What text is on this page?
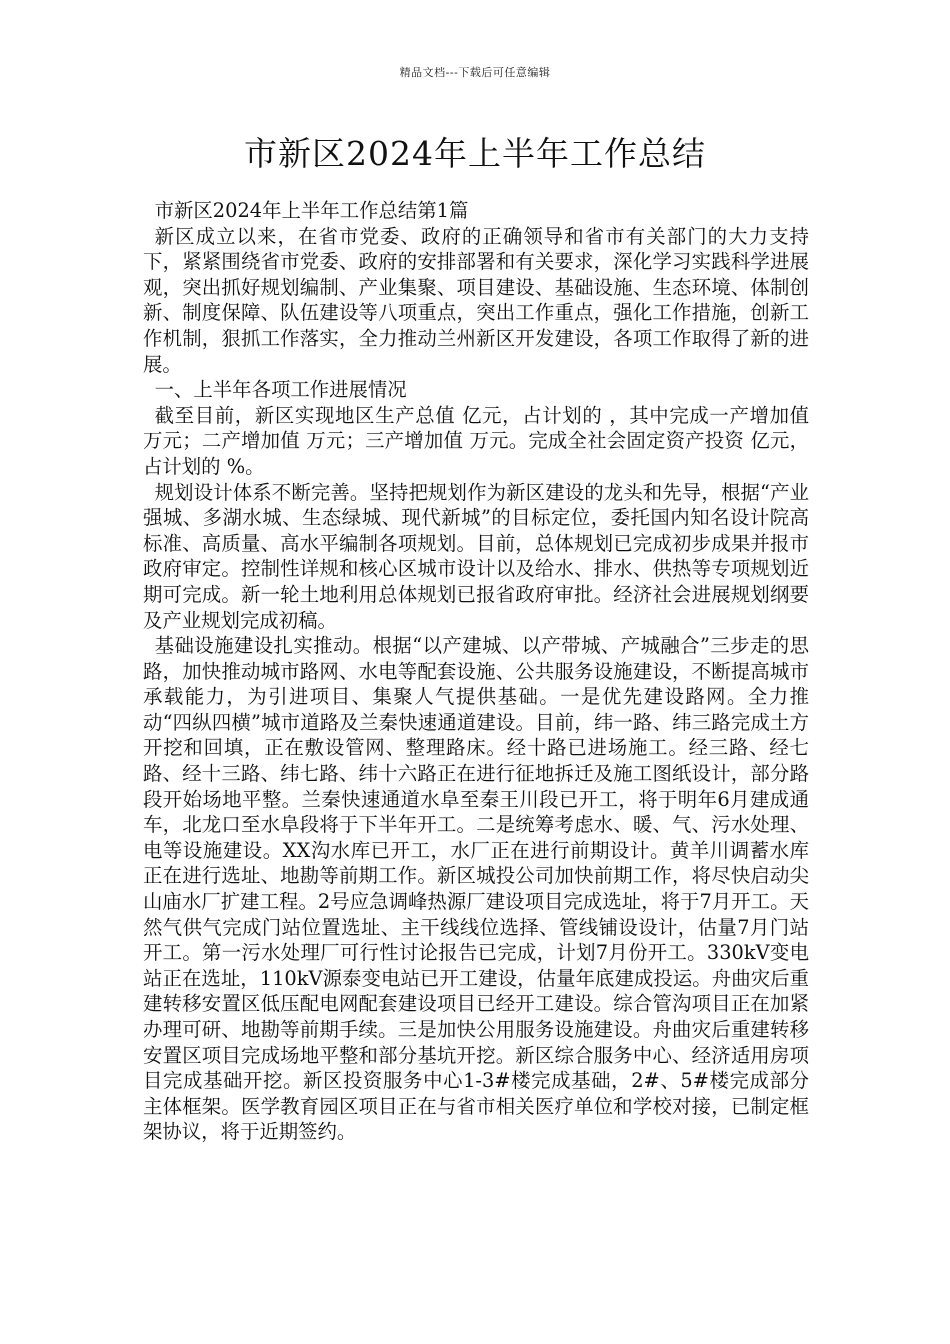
精品文档---下载后可任意编辑
市新区2024年上半年工作总结

市新区2024年上半年工作总结第1篇

新区成立以来，在省市党委、政府的正确领导和省市有关部门的大力支持下，紧紧围绕省市党委、政府的安排部署和有关要求，深化学习实践科学进展观，突出抓好规划编制、产业集聚、项目建设、基础设施、生态环境、体制创新、制度保障、队伍建设等八项重点，突出工作重点，强化工作措施，创新工作机制，狠抓工作落实，全力推动兰州新区开发建设，各项工作取得了新的进展。

一、上半年各项工作进展情况

截至目前，新区实现地区生产总值 亿元，占计划的 ，其中完成一产增加值 万元；二产增加值 万元；三产增加值 万元。完成全社会固定资产投资 亿元，占计划的 %。

规划设计体系不断完善。坚持把规划作为新区建设的龙头和先导，根据“产业强城、多湖水城、生态绿城、现代新城”的目标定位，委托国内知名设计院高标准、高质量、高水平编制各项规划。目前，总体规划已完成初步成果并报市政府审定。控制性详规和核心区城市设计以及给水、排水、供热等专项规划近期可完成。新一轮土地利用总体规划已报省政府审批。经济社会进展规划纲要及产业规划完成初稿。

基础设施建设扎实推动。根据“以产建城、以产带城、产城融合”三步走的思路，加快推动城市路网、水电等配套设施、公共服务设施建设，不断提高城市承载能力，为引进项目、集聚人气提供基础。一是优先建设路网。全力推动“四纵四横”城市道路及兰秦快速通道建设。目前，纬一路、纬三路完成土方开挖和回填，正在敷设管网、整理路床。经十路已进场施工。经三路、经七路、经十三路、纬七路、纬十六路正在进行征地拆迁及施工图纸设计，部分路段开始场地平整。兰秦快速通道水阜至秦王川段已开工，将于明年6月建成通车，北龙口至水阜段将于下半年开工。二是统筹考虑水、暖、气、污水处理、电等设施建设。XX沟水库已开工，水厂正在进行前期设计。黄羊川调蓄水库正在进行选址、地勘等前期工作。新区城投公司加快前期工作，将尽快启动尖山庙水厂扩建工程。2号应急调峰热源厂建设项目完成选址，将于7月开工。天然气供气完成门站位置选址、主干线线位选择、管线铺设设计，估量7月门站开工。第一污水处理厂可行性讨论报告已完成，计划7月份开工。330kV变电站正在选址，110kV源泰变电站已开工建设，估量年底建成投运。舟曲灾后重建转移安置区低压配电网配套建设项目已经开工建设。综合管沟项目正在加紧办理可研、地勘等前期手续。三是加快公用服务设施建设。舟曲灾后重建转移安置区项目完成场地平整和部分基坑开挖。新区综合服务中心、经济适用房项目完成基础开挖。新区投资服务中心1-3#楼完成基础，2#、5#楼完成部分主体框架。医学教育园区项目正在与省市相关医疗单位和学校对接，已制定框架协议，将于近期签约。
